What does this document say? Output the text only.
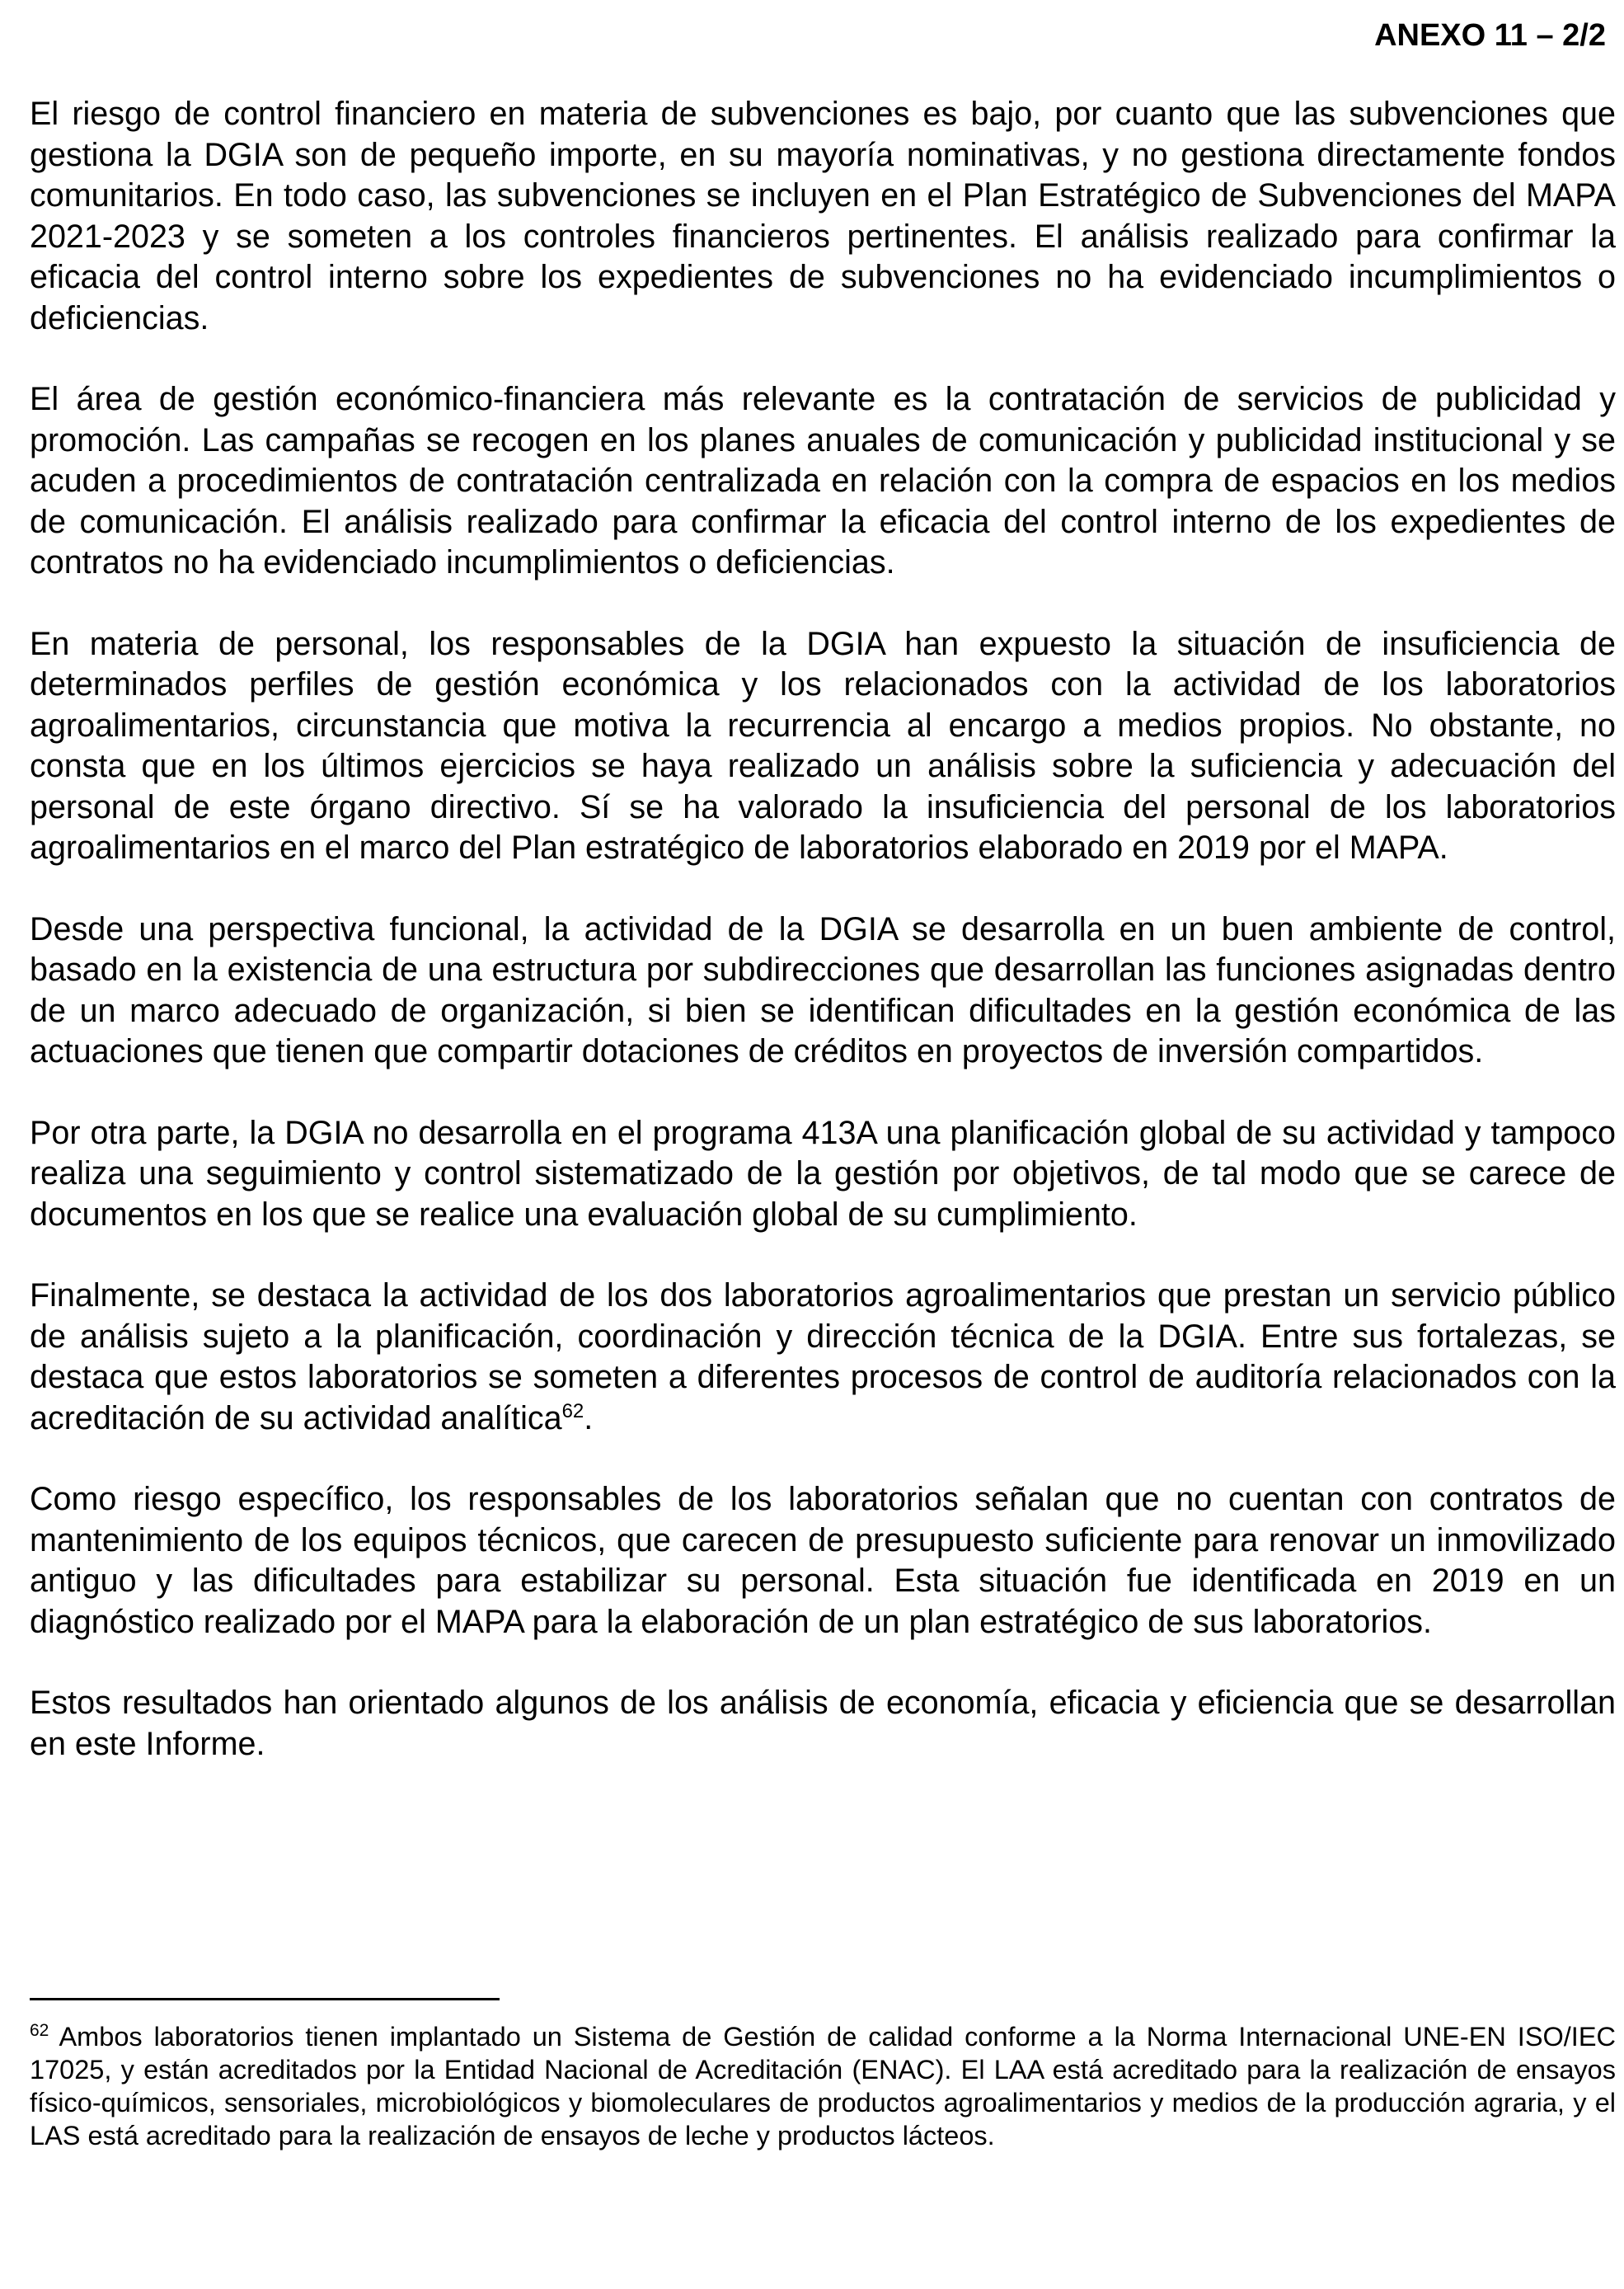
ANEXO 11 – 2/2

El riesgo de control financiero en materia de subvenciones es bajo, por cuanto que las subvenciones que gestiona la DGIA son de pequeño importe, en su mayoría nominativas, y no gestiona directamente fondos comunitarios. En todo caso, las subvenciones se incluyen en el Plan Estratégico de Subvenciones del MAPA 2021-2023 y se someten a los controles financieros pertinentes. El análisis realizado para confirmar la eficacia del control interno sobre los expedientes de subvenciones no ha evidenciado incumplimientos o deficiencias.

El área de gestión económico-financiera más relevante es la contratación de servicios de publicidad y promoción. Las campañas se recogen en los planes anuales de comunicación y publicidad institucional y se acuden a procedimientos de contratación centralizada en relación con la compra de espacios en los medios de comunicación. El análisis realizado para confirmar la eficacia del control interno de los expedientes de contratos no ha evidenciado incumplimientos o deficiencias.

En materia de personal, los responsables de la DGIA han expuesto la situación de insuficiencia de determinados perfiles de gestión económica y los relacionados con la actividad de los laboratorios agroalimentarios, circunstancia que motiva la recurrencia al encargo a medios propios. No obstante, no consta que en los últimos ejercicios se haya realizado un análisis sobre la suficiencia y adecuación del personal de este órgano directivo. Sí se ha valorado la insuficiencia del personal de los laboratorios agroalimentarios en el marco del Plan estratégico de laboratorios elaborado en 2019 por el MAPA.

Desde una perspectiva funcional, la actividad de la DGIA se desarrolla en un buen ambiente de control, basado en la existencia de una estructura por subdirecciones que desarrollan las funciones asignadas dentro de un marco adecuado de organización, si bien se identifican dificultades en la gestión económica de las actuaciones que tienen que compartir dotaciones de créditos en proyectos de inversión compartidos.

Por otra parte, la DGIA no desarrolla en el programa 413A una planificación global de su actividad y tampoco realiza una seguimiento y control sistematizado de la gestión por objetivos, de tal modo que se carece de documentos en los que se realice una evaluación global de su cumplimiento.

Finalmente, se destaca la actividad de los dos laboratorios agroalimentarios que prestan un servicio público de análisis sujeto a la planificación, coordinación y dirección técnica de la DGIA. Entre sus fortalezas, se destaca que estos laboratorios se someten a diferentes procesos de control de auditoría relacionados con la acreditación de su actividad analítica$^{62}$.

Como riesgo específico, los responsables de los laboratorios señalan que no cuentan con contratos de mantenimiento de los equipos técnicos, que carecen de presupuesto suficiente para renovar un inmovilizado antiguo y las dificultades para estabilizar su personal. Esta situación fue identificada en 2019 en un diagnóstico realizado por el MAPA para la elaboración de un plan estratégico de sus laboratorios.

Estos resultados han orientado algunos de los análisis de economía, eficacia y eficiencia que se desarrollan en este Informe.

$^{62}$ Ambos laboratorios tienen implantado un Sistema de Gestión de calidad conforme a la Norma Internacional UNE-EN ISO/IEC 17025, y están acreditados por la Entidad Nacional de Acreditación (ENAC). El LAA está acreditado para la realización de ensayos físico-químicos, sensoriales, microbiológicos y biomoleculares de productos agroalimentarios y medios de la producción agraria, y el LAS está acreditado para la realización de ensayos de leche y productos lácteos.
